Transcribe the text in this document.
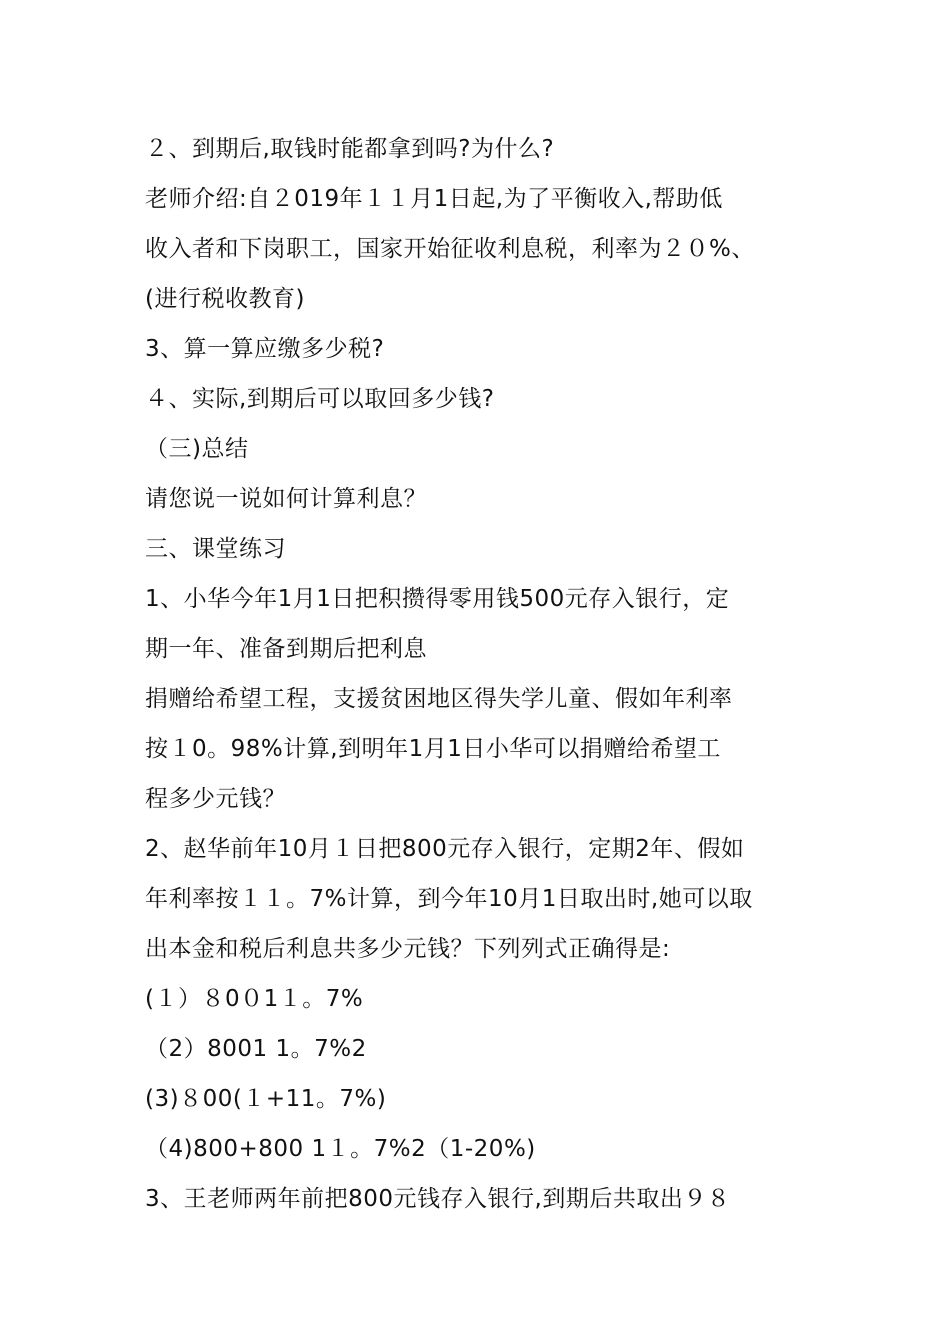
２、到期后,取钱时能都拿到吗?为什么?
老师介绍:自２019年１１月1日起,为了平衡收入,帮助低
收入者和下岗职工，国家开始征收利息税，利率为２０%、
(进行税收教育)
3、算一算应缴多少税?
４、实际,到期后可以取回多少钱?
（三)总结
请您说一说如何计算利息？
三、课堂练习
1、小华今年1月1日把积攒得零用钱500元存入银行，定
期一年、准备到期后把利息
捐赠给希望工程，支援贫困地区得失学儿童、假如年利率
按１0。98%计算,到明年1月1日小华可以捐赠给希望工
程多少元钱？
2、赵华前年10月１日把800元存入银行，定期2年、假如
年利率按１１。7%计算，到今年10月1日取出时,她可以取
出本金和税后利息共多少元钱？下列列式正确得是:
(１）８0０1１。7%
（2）8001 1。7%2
(3)８00(１+11。7%)
（4)800+800 1１。7%2（1-20%)
3、王老师两年前把800元钱存入银行,到期后共取出９８
